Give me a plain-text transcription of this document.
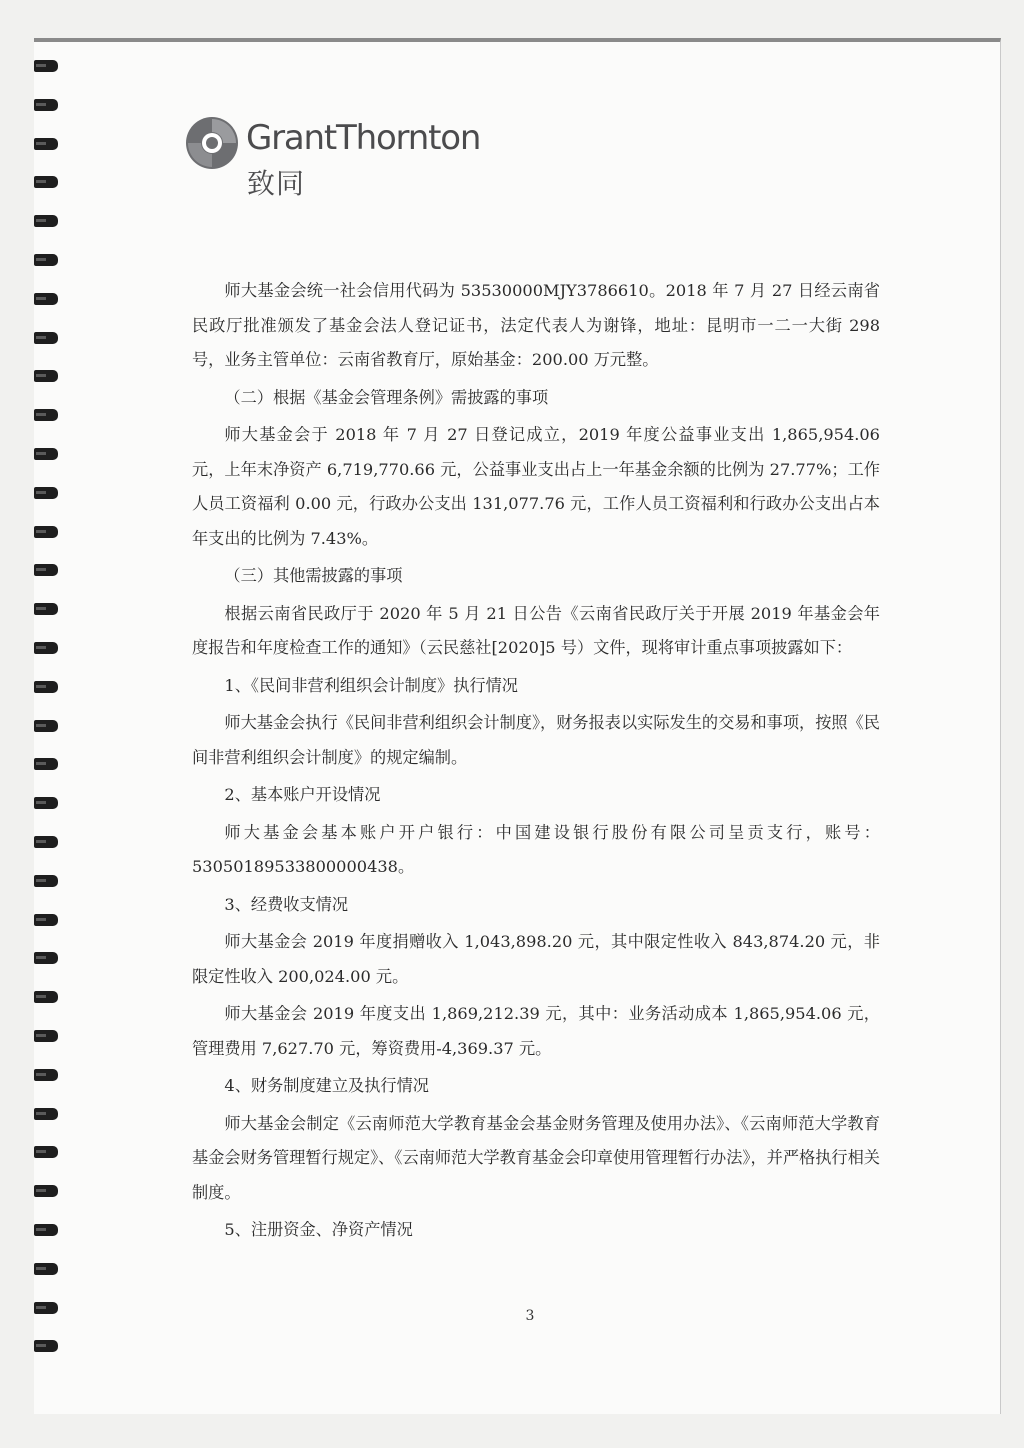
GrantThornton
致同

师大基金会统一社会信用代码为 53530000MJY3786610。2018 年 7 月 27 日经云南省民政厅批准颁发了基金会法人登记证书，法定代表人为谢锋，地址：昆明市一二一大街 298 号，业务主管单位：云南省教育厅，原始基金：200.00 万元整。

（二）根据《基金会管理条例》需披露的事项

师大基金会于 2018 年 7 月 27 日登记成立，2019 年度公益事业支出 1,865,954.06 元，上年末净资产 6,719,770.66 元，公益事业支出占上一年基金余额的比例为 27.77%；工作人员工资福利 0.00 元，行政办公支出 131,077.76 元，工作人员工资福利和行政办公支出占本年支出的比例为 7.43%。

（三）其他需披露的事项

根据云南省民政厅于 2020 年 5 月 21 日公告《云南省民政厅关于开展 2019 年基金会年度报告和年度检查工作的通知》（云民慈社[2020]5 号）文件，现将审计重点事项披露如下：

1、《民间非营利组织会计制度》执行情况

师大基金会执行《民间非营利组织会计制度》，财务报表以实际发生的交易和事项，按照《民间非营利组织会计制度》的规定编制。

2、基本账户开设情况

师大基金会基本账户开户银行：中国建设银行股份有限公司呈贡支行，账号：53050189533800000438。

3、经费收支情况

师大基金会 2019 年度捐赠收入 1,043,898.20 元，其中限定性收入 843,874.20 元，非限定性收入 200,024.00 元。

师大基金会 2019 年度支出 1,869,212.39 元，其中：业务活动成本 1,865,954.06 元，管理费用 7,627.70 元，筹资费用-4,369.37 元。

4、财务制度建立及执行情况

师大基金会制定《云南师范大学教育基金会基金财务管理及使用办法》、《云南师范大学教育基金会财务管理暂行规定》、《云南师范大学教育基金会印章使用管理暂行办法》，并严格执行相关制度。

5、注册资金、净资产情况

3
